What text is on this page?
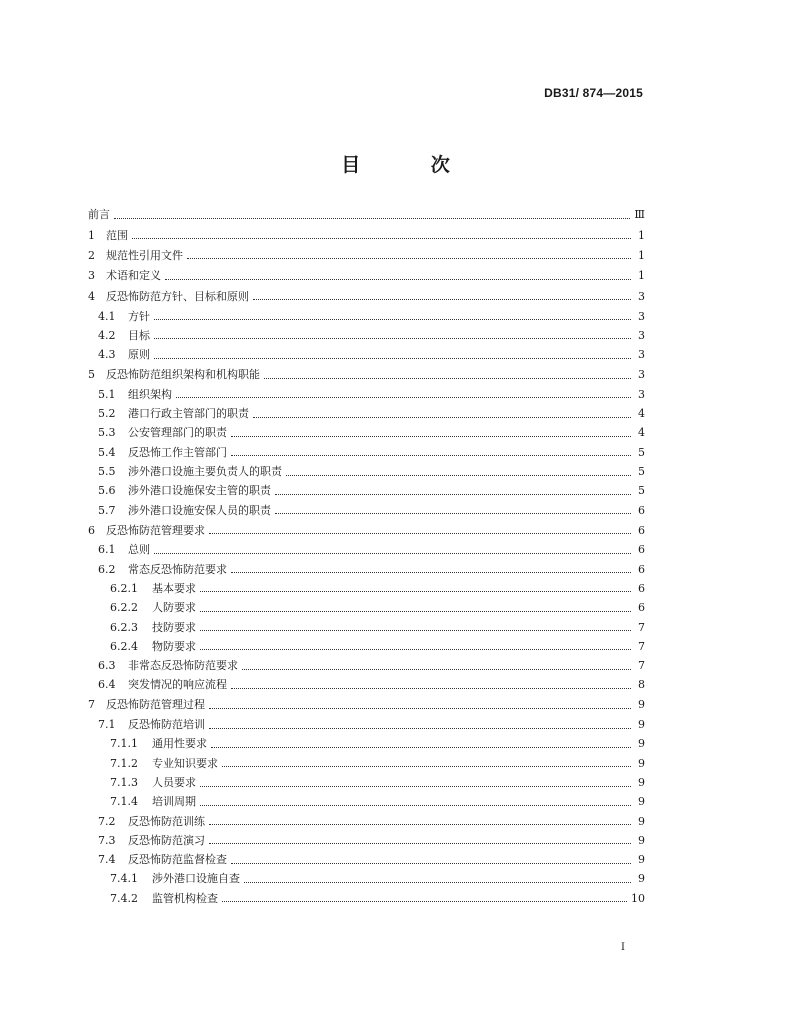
DB31/ 874—2015
目 次
前言	Ⅲ
1	范围	1
2	规范性引用文件	1
3	术语和定义	1
4	反恐怖防范方针、目标和原则	3
4.1	方针	3
4.2	目标	3
4.3	原则	3
5	反恐怖防范组织架构和机构职能	3
5.1	组织架构	3
5.2	港口行政主管部门的职责	4
5.3	公安管理部门的职责	4
5.4	反恐怖工作主管部门	5
5.5	涉外港口设施主要负责人的职责	5
5.6	涉外港口设施保安主管的职责	5
5.7	涉外港口设施安保人员的职责	6
6	反恐怖防范管理要求	6
6.1	总则	6
6.2	常态反恐怖防范要求	6
6.2.1	基本要求	6
6.2.2	人防要求	6
6.2.3	技防要求	7
6.2.4	物防要求	7
6.3	非常态反恐怖防范要求	7
6.4	突发情况的响应流程	8
7	反恐怖防范管理过程	9
7.1	反恐怖防范培训	9
7.1.1	通用性要求	9
7.1.2	专业知识要求	9
7.1.3	人员要求	9
7.1.4	培训周期	9
7.2	反恐怖防范训练	9
7.3	反恐怖防范演习	9
7.4	反恐怖防范监督检查	9
7.4.1	涉外港口设施自查	9
7.4.2	监管机构检查	10
I
